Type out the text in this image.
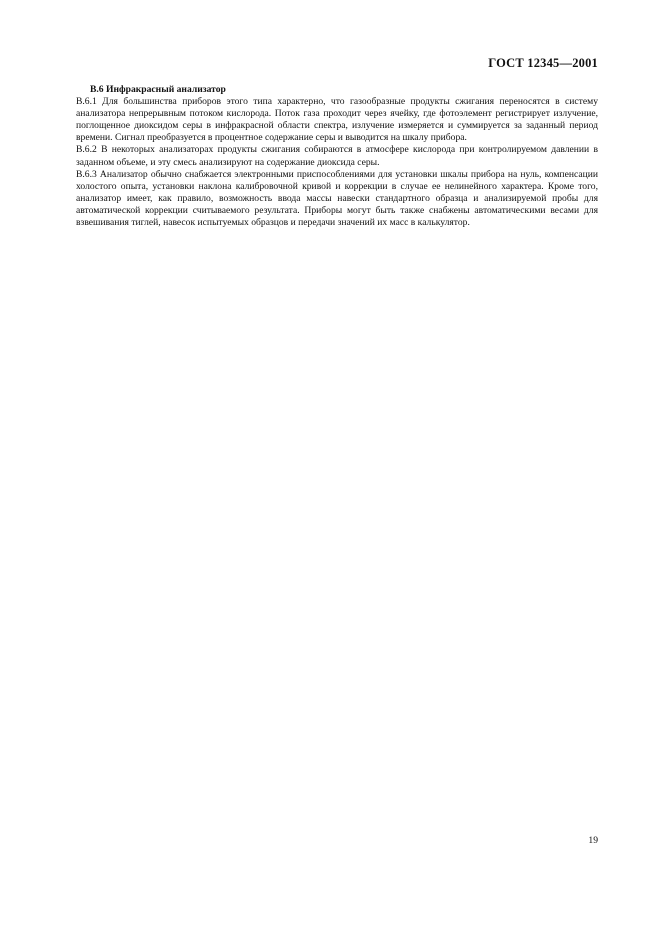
ГОСТ 12345—2001

B.6 Инфракрасный анализатор

B.6.1 Для большинства приборов этого типа характерно, что газообразные продукты сжигания переносятся в систему анализатора непрерывным потоком кислорода. Поток газа проходит через ячейку, где фотоэлемент регистрирует излучение, поглощенное диоксидом серы в инфракрасной области спектра, излучение измеряется и суммируется за заданный период времени. Сигнал преобразуется в процентное содержание серы и выводится на шкалу прибора.

B.6.2 В некоторых анализаторах продукты сжигания собираются в атмосфере кислорода при контролируемом давлении в заданном объеме, и эту смесь анализируют на содержание диоксида серы.

B.6.3 Анализатор обычно снабжается электронными приспособлениями для установки шкалы прибора на нуль, компенсации холостого опыта, установки наклона калибровочной кривой и коррекции в случае ее нелинейного характера. Кроме того, анализатор имеет, как правило, возможность ввода массы навески стандартного образца и анализируемой пробы для автоматической коррекции считываемого результата. Приборы могут быть также снабжены автоматическими весами для взвешивания тиглей, навесок испытуемых образцов и передачи значений их масс в калькулятор.

19
